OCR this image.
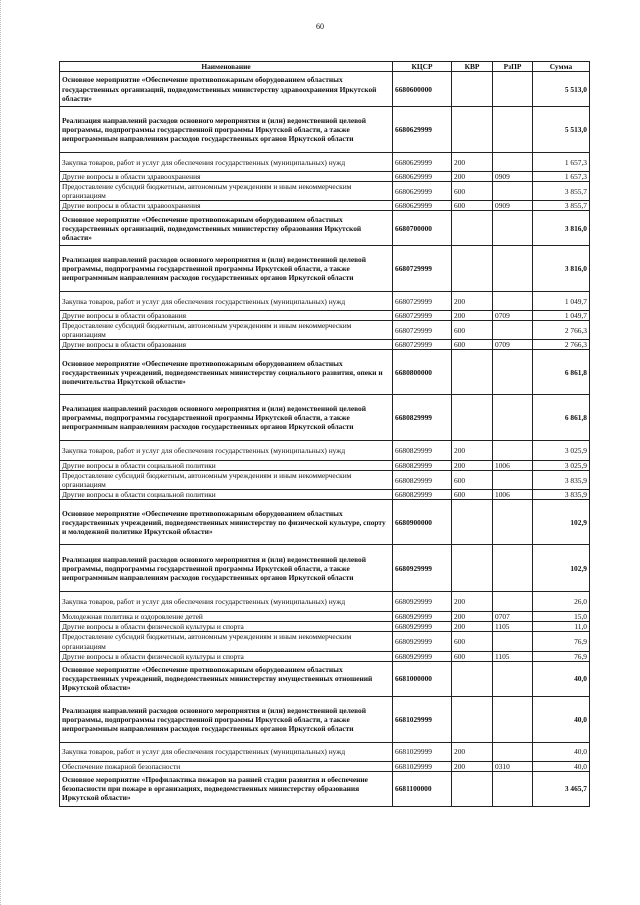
60
Наименование	КЦСР	КВР	РзПР	Сумма
Основное мероприятие «Обеспечение противопожарным оборудованием областных государственных организаций, подведомственных министерству здравоохранения Иркутской области»	6680600000			5 513,0
Реализация направлений расходов основного мероприятия и (или) ведомственной целевой программы, подпрограммы государственной программы Иркутской области, а также непрограммным направлениям расходов государственных органов Иркутской области	6680629999			5 513,0
Закупка товаров, работ и услуг для обеспечения государственных (муниципальных) нужд	6680629999	200		1 657,3
Другие вопросы в области здравоохранения	6680629999	200	0909	1 657,3
Предоставление субсидий бюджетным, автономным учреждениям и иным некоммерческим организациям	6680629999	600		3 855,7
Другие вопросы в области здравоохранения	6680629999	600	0909	3 855,7
Основное мероприятие «Обеспечение противопожарным оборудованием областных государственных организаций, подведомственных министерству образования Иркутской области»	6680700000			3 816,0
Реализация направлений расходов основного мероприятия и (или) ведомственной целевой программы, подпрограммы государственной программы Иркутской области, а также непрограммным направлениям расходов государственных органов Иркутской области	6680729999			3 816,0
Закупка товаров, работ и услуг для обеспечения государственных (муниципальных) нужд	6680729999	200		1 049,7
Другие вопросы в области образования	6680729999	200	0709	1 049,7
Предоставление субсидий бюджетным, автономным учреждениям и иным некоммерческим организациям	6680729999	600		2 766,3
Другие вопросы в области образования	6680729999	600	0709	2 766,3
Основное мероприятие «Обеспечение противопожарным оборудованием областных государственных учреждений, подведомственных министерству социального развития, опеки и попечительства Иркутской области»	6680800000			6 861,8
Реализация направлений расходов основного мероприятия и (или) ведомственной целевой программы, подпрограммы государственной программы Иркутской области, а также непрограммным направлениям расходов государственных органов Иркутской области	6680829999			6 861,8
Закупка товаров, работ и услуг для обеспечения государственных (муниципальных) нужд	6680829999	200		3 025,9
Другие вопросы в области социальной политики	6680829999	200	1006	3 025,9
Предоставление субсидий бюджетным, автономным учреждениям и иным некоммерческим организациям	6680829999	600		3 835,9
Другие вопросы в области социальной политики	6680829999	600	1006	3 835,9
Основное мероприятие «Обеспечение противопожарным оборудованием областных государственных учреждений, подведомственных министерству по физической культуре, спорту и молодежной политике Иркутской области»	6680900000			102,9
Реализация направлений расходов основного мероприятия и (или) ведомственной целевой программы, подпрограммы государственной программы Иркутской области, а также непрограммным направлениям расходов государственных органов Иркутской области	6680929999			102,9
Закупка товаров, работ и услуг для обеспечения государственных (муниципальных) нужд	6680929999	200		26,0
Молодежная политика и оздоровление детей	6680929999	200	0707	15,0
Другие вопросы в области физической культуры и спорта	6680929999	200	1105	11,0
Предоставление субсидий бюджетным, автономным учреждениям и иным некоммерческим организациям	6680929999	600		76,9
Другие вопросы в области физической культуры и спорта	6680929999	600	1105	76,9
Основное мероприятие «Обеспечение противопожарным оборудованием областных государственных учреждений, подведомственных министерству имущественных отношений Иркутской области»	6681000000			40,0
Реализация направлений расходов основного мероприятия и (или) ведомственной целевой программы, подпрограммы государственной программы Иркутской области, а также непрограммным направлениям расходов государственных органов Иркутской области	6681029999			40,0
Закупка товаров, работ и услуг для обеспечения государственных (муниципальных) нужд	6681029999	200		40,0
Обеспечение пожарной безопасности	6681029999	200	0310	40,0
Основное мероприятие «Профилактика пожаров на ранней стадии развития и обеспечение безопасности при пожаре в организациях, подведомственных министерству образования Иркутской области»	6681100000			3 465,7
